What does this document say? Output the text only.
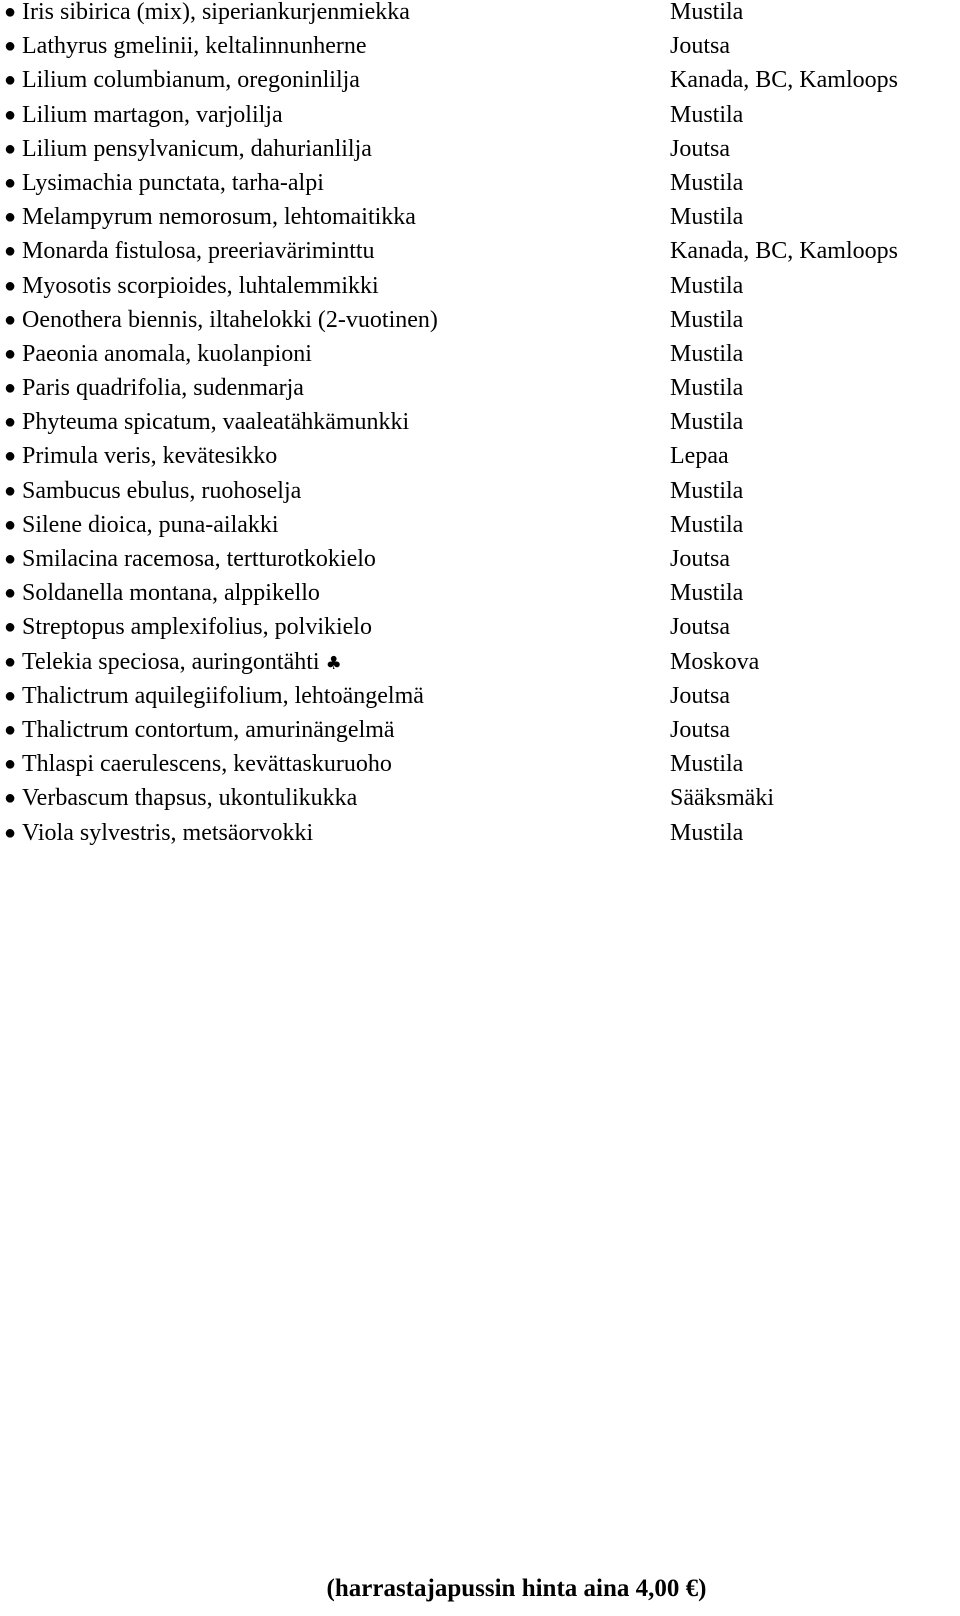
● Iris sibirica (mix), siperiankurjenmiekka	Mustila
● Lathyrus gmelinii, keltalinnunherne	Joutsa
● Lilium columbianum, oregoninlilja	Kanada, BC, Kamloops
● Lilium martagon, varjolilja	Mustila
● Lilium pensylvanicum, dahurianlilja	Joutsa
● Lysimachia punctata, tarha-alpi	Mustila
● Melampyrum nemorosum, lehtomaitikka	Mustila
● Monarda fistulosa, preeriaväriminttu	Kanada, BC, Kamloops
● Myosotis scorpioides, luhtalemmikki	Mustila
● Oenothera biennis, iltahelokki (2-vuotinen)	Mustila
● Paeonia anomala, kuolanpioni	Mustila
● Paris quadrifolia, sudenmarja	Mustila
● Phyteuma spicatum, vaaleatähkämunkki	Mustila
● Primula veris, kevätesikko	Lepaa
● Sambucus ebulus, ruohoselja	Mustila
● Silene dioica, puna-ailakki	Mustila
● Smilacina racemosa, tertturotkokielo	Joutsa
● Soldanella montana, alppikello	Mustila
● Streptopus amplexifolius, polvikielo	Joutsa
● Telekia speciosa, auringontähti ♣	Moskova
● Thalictrum aquilegiifolium, lehtoängelmä	Joutsa
● Thalictrum contortum, amurinängelmä	Joutsa
● Thlaspi caerulescens, kevättaskuruoho	Mustila
● Verbascum thapsus, ukontulikukka	Sääksmäki
● Viola sylvestris, metsäorvokki	Mustila
(harrastajapussin hinta aina 4,00 €)
